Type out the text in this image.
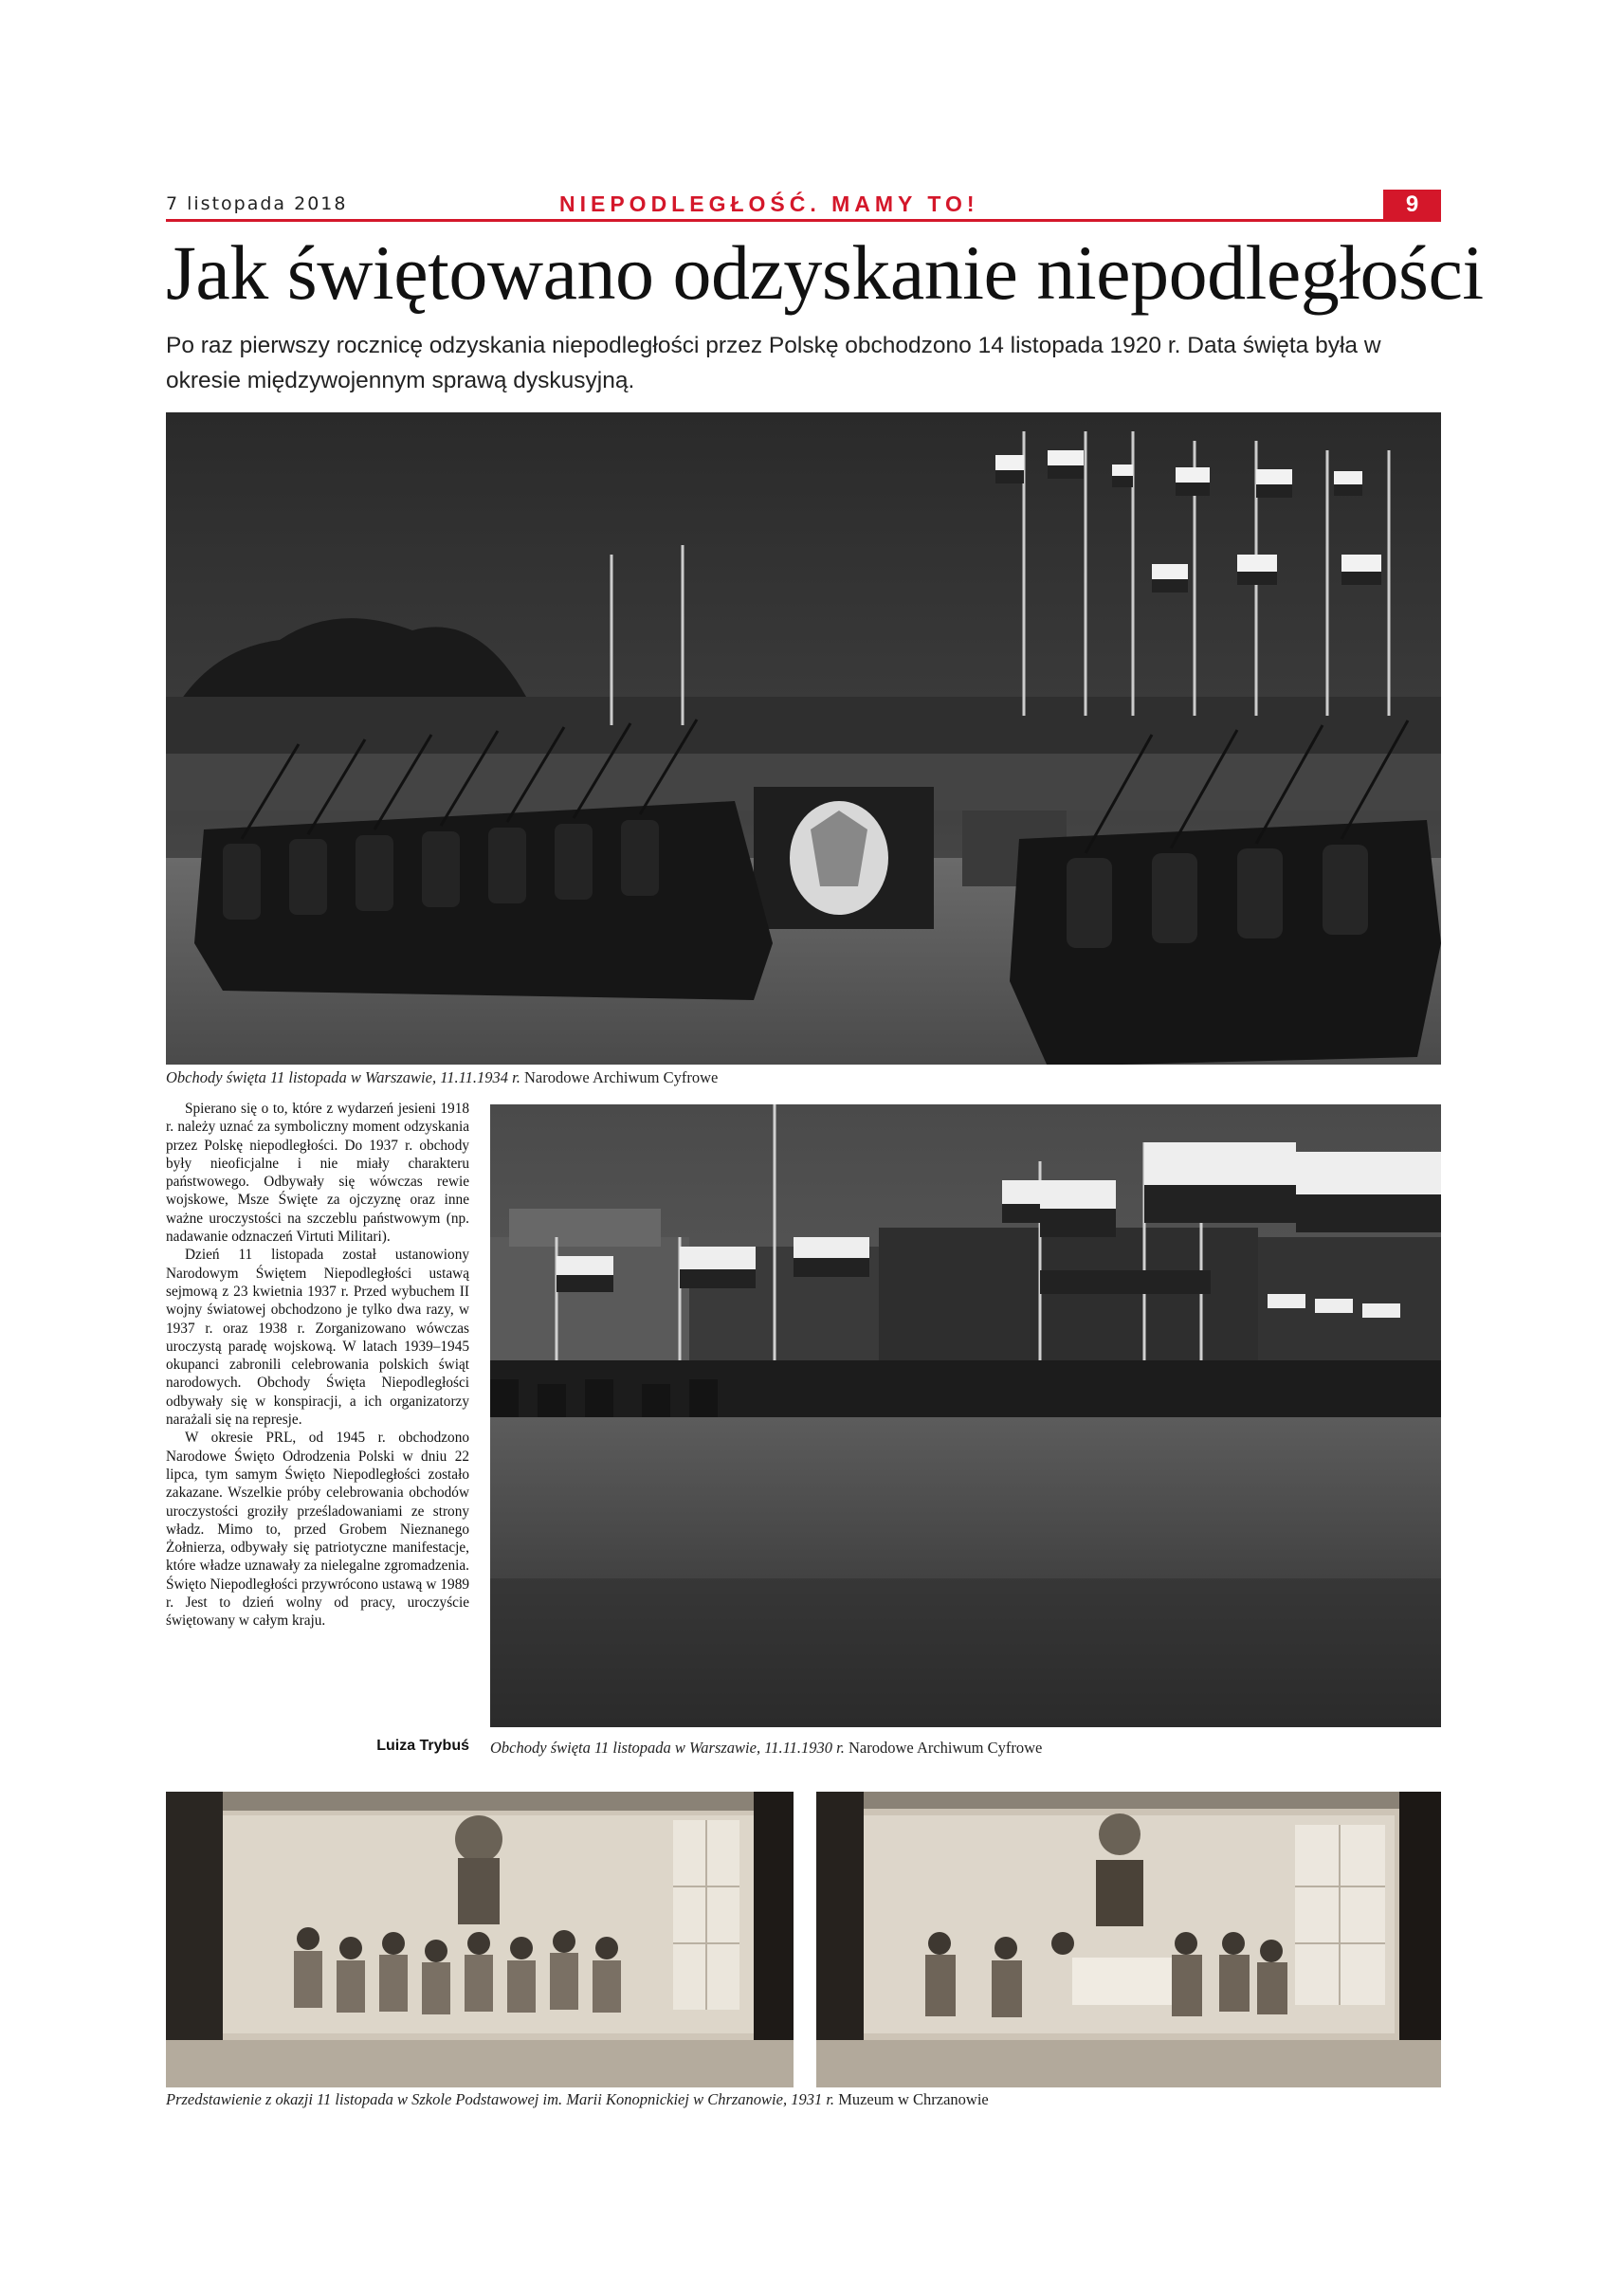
7 listopada 2018	NIEPODLEGŁOŚĆ. MAMY TO!	9
Jak świętowano odzyskanie niepodległości
Po raz pierwszy rocznicę odzyskania niepodległości przez Polskę obchodzono 14 listopada 1920 r. Data święta była w okresie międzywojennym sprawą dyskusyjną.
Obchody święta 11 listopada w Warszawie, 11.11.1934 r. Narodowe Archiwum Cyfrowe

Spierano się o to, które z wydarzeń jesieni 1918 r. należy uznać za symboliczny moment odzyskania przez Polskę niepodległości. Do 1937 r. obchody były nieoficjalne i nie miały charakteru państwowego. Odbywały się wówczas rewie wojskowe, Msze Święte za ojczyznę oraz inne ważne uroczystości na szczeblu państwowym (np. nadawanie odznaczeń Virtuti Militari).

Dzień 11 listopada został ustanowiony Narodowym Świętem Niepodległości ustawą sejmową z 23 kwietnia 1937 r. Przed wybuchem II wojny światowej obchodzono je tylko dwa razy, w 1937 r. oraz 1938 r. Zorganizowano wówczas uroczystą paradę wojskową. W latach 1939–1945 okupanci zabronili celebrowania polskich świąt narodowych. Obchody Święta Niepodległości odbywały się w konspiracji, a ich organizatorzy narażali się na represje.

W okresie PRL, od 1945 r. obchodzono Narodowe Święto Odrodzenia Polski w dniu 22 lipca, tym samym Święto Niepodległości zostało zakazane. Wszelkie próby celebrowania obchodów uroczystości groziły prześladowaniami ze strony władz. Mimo to, przed Grobem Nieznanego Żołnierza, odbywały się patriotyczne manifestacje, które władze uznawały za nielegalne zgromadzenia. Święto Niepodległości przywrócono ustawą w 1989 r. Jest to dzień wolny od pracy, uroczyście świętowany w całym kraju.

Luiza Trybuś Obchody święta 11 listopada w Warszawie, 11.11.1930 r. Narodowe Archiwum Cyfrowe
Przedstawienie z okazji 11 listopada w Szkole Podstawowej im. Marii Konopnickiej w Chrzanowie, 1931 r. Muzeum w Chrzanowie
